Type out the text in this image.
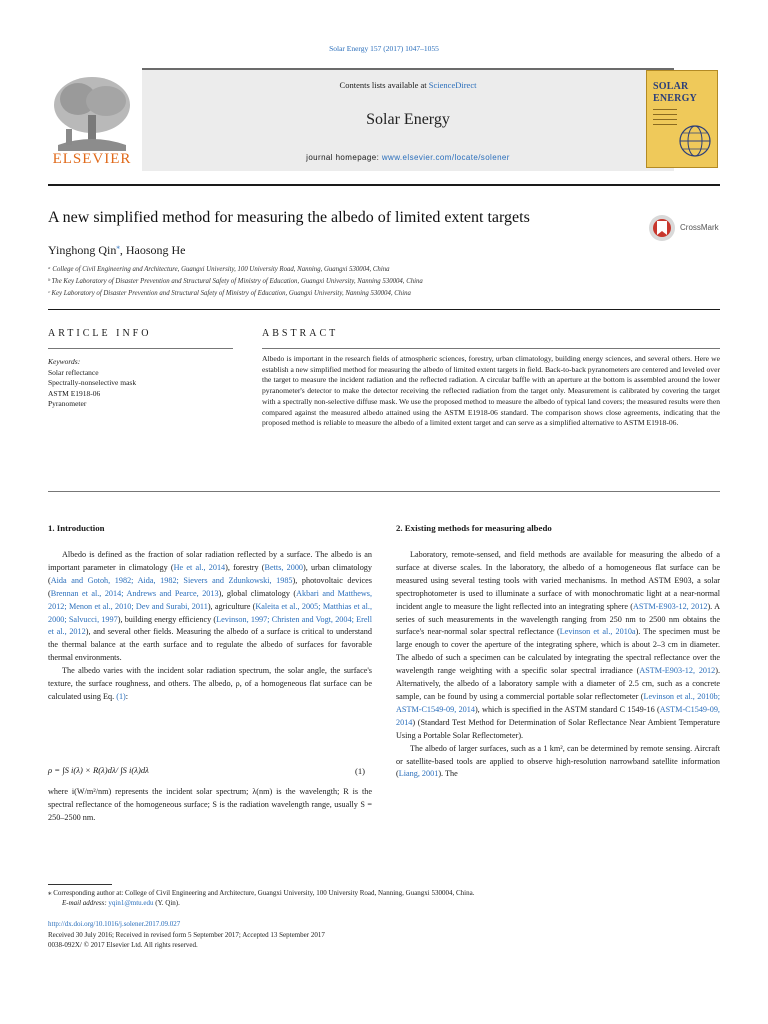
Solar Energy 157 (2017) 1047–1055
ELSEVIER
Contents lists available at ScienceDirect
Solar Energy
journal homepage: www.elsevier.com/locate/solener
SOLAR
ENERGY
A new simplified method for measuring the albedo of limited extent targets
CrossMark
Yinghong Qin⁎, Haosong He
ᵃ College of Civil Engineering and Architecture, Guangxi University, 100 University Road, Nanning, Guangxi 530004, China
ᵇ The Key Laboratory of Disaster Prevention and Structural Safety of Ministry of Education, Guangxi University, Nanning 530004, China
ᶜ Key Laboratory of Disaster Prevention and Structural Safety of Ministry of Education, Guangxi University, Nanning 530004, China
ARTICLE INFO	ABSTRACT
Keywords:
Solar reflectance
Spectrally-nonselective mask
ASTM E1918-06
Pyranometer
Albedo is important in the research fields of atmospheric sciences, forestry, urban climatology, building energy sciences, and several others. Here we establish a new simplified method for measuring the albedo of limited extent targets in field. Back-to-back pyranometers are centered and leveled over the target to measure the incident radiation and the reflected radiation. A circular baffle with an aperture at the bottom is assembled around the lower pyranometer's detector to make the detector receiving the reflected radiation from the target only. Measurement is calibrated by covering the target with a spectrally non-selective diffuse mask. We use the proposed method to measure the albedo of typical land covers; the measured results were then compared against the measured albedo attained using the ASTM E1918-06 standard. The comparison shows close agreements, indicating that the proposed method is reliable to measure the albedo of a limited extent target and can serve as a simplified alternative to ASTM E1918-06.
1. Introduction

Albedo is defined as the fraction of solar radiation reflected by a surface. The albedo is an important parameter in climatology (He et al., 2014), forestry (Betts, 2000), urban climatology (Aida and Gotoh, 1982; Aida, 1982; Sievers and Zdunkowski, 1985), photovoltaic devices (Brennan et al., 2014; Andrews and Pearce, 2013), global climatology (Akbari and Matthews, 2012; Menon et al., 2010; Dev and Surabi, 2011), agriculture (Kaleita et al., 2005; Matthias et al., 2000; Salvucci, 1997), building energy efficiency (Levinson, 1997; Christen and Vogt, 2004; Erell et al., 2012), and several other fields. Measuring the albedo of a surface is critical to understand the thermal balance at the earth surface and to regulate the albedo of surfaces for favorable thermal environments.

The albedo varies with the incident solar radiation spectrum, the solar angle, the surface's texture, the surface roughness, and others. The albedo, ρ, of a homogeneous flat surface can be calculated using Eq. (1):

ρ = ∫S i(λ) × R(λ)dλ/ ∫S i(λ)dλ	(1)

where i(W/m²/nm) represents the incident solar spectrum; λ(nm) is the wavelength; R is the spectral reflectance of the homogeneous surface; S is the radiation wavelength range, usually S = 250–2500 nm.

2. Existing methods for measuring albedo

Laboratory, remote-sensed, and field methods are available for measuring the albedo of a surface at diverse scales. In the laboratory, the albedo of a homogeneous flat surface can be measured using several testing tools with varied mechanisms. In method ASTM E903, a solar spectrophotometer is used to illuminate a surface of with monochromatic light at a near-normal incident angle to measure the light reflected into an integrating sphere (ASTM-E903-12, 2012). A series of such measurements in the wavelength ranging from 250 nm to 2500 nm obtains the surface's near-normal solar spectral reflectance (Levinson et al., 2010a). The specimen must be large enough to cover the aperture of the integrating sphere, which is about 2–3 cm in diameter. The albedo of such a specimen can be calculated by integrating the spectral reflectance over the wavelength range weighting with a specific solar spectral irradiance (ASTM-E903-12, 2012). Alternatively, the albedo of a laboratory sample with a diameter of 2.5 cm, such as a concrete sample, can be found by using a commercial portable solar reflectometer (Levinson et al., 2010b; ASTM-C1549-09, 2014), which is specified in the ASTM standard C 1549-16 (ASTM-C1549-09, 2014) (Standard Test Method for Determination of Solar Reflectance Near Ambient Temperature Using a Portable Solar Reflectometer).

The albedo of larger surfaces, such as a 1 km², can be determined by remote sensing. Aircraft or satellite-based tools are applied to observe high-resolution narrowband satellite information (Liang, 2001). The

⁎ Corresponding author at: College of Civil Engineering and Architecture, Guangxi University, 100 University Road, Nanning, Guangxi 530004, China.
E-mail address: yqin1@mtu.edu (Y. Qin).
http://dx.doi.org/10.1016/j.solener.2017.09.027
Received 30 July 2016; Received in revised form 5 September 2017; Accepted 13 September 2017
0038-092X/ © 2017 Elsevier Ltd. All rights reserved.
